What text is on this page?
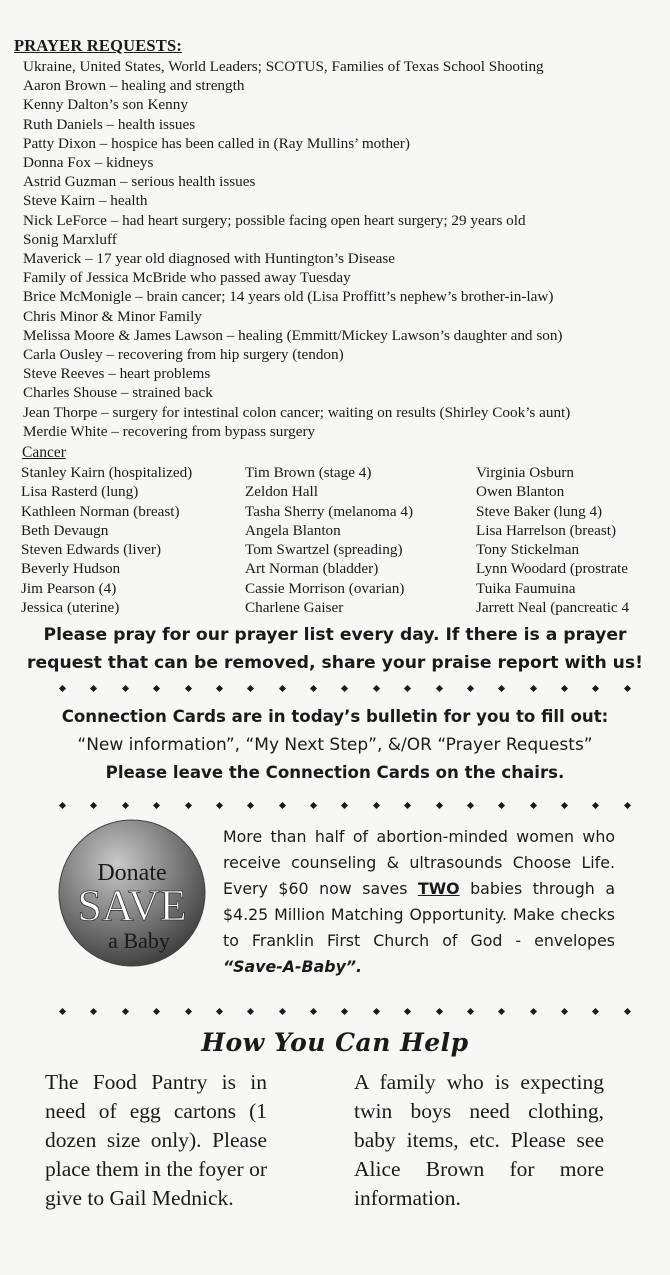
PRAYER REQUESTS:
Ukraine, United States, World Leaders; SCOTUS, Families of Texas School Shooting
Aaron Brown – healing and strength
Kenny Dalton’s son Kenny
Ruth Daniels – health issues
Patty Dixon – hospice has been called in (Ray Mullins’ mother)
Donna Fox – kidneys
Astrid Guzman – serious health issues
Steve Kairn – health
Nick LeForce – had heart surgery; possible facing open heart surgery; 29 years old
Sonig Marxluff
Maverick – 17 year old diagnosed with Huntington’s Disease
Family of Jessica McBride who passed away Tuesday
Brice McMonigle – brain cancer; 14 years old (Lisa Proffitt’s nephew’s brother-in-law)
Chris Minor & Minor Family
Melissa Moore & James Lawson – healing (Emmitt/Mickey Lawson’s daughter and son)
Carla Ousley – recovering from hip surgery (tendon)
Steve Reeves – heart problems
Charles Shouse – strained back
Jean Thorpe – surgery for intestinal colon cancer; waiting on results (Shirley Cook’s aunt)
Merdie White – recovering from bypass surgery
Cancer
Stanley Kairn (hospitalized)
Lisa Rasterd (lung)
Kathleen Norman (breast)
Beth Devaugn
Steven Edwards (liver)
Beverly Hudson
Jim Pearson (4)
Jessica (uterine)
Tim Brown (stage 4)
Zeldon Hall
Tasha Sherry (melanoma 4)
Angela Blanton
Tom Swartzel (spreading)
Art Norman (bladder)
Cassie Morrison (ovarian)
Charlene Gaiser
Virginia Osburn
Owen Blanton
Steve Baker (lung 4)
Lisa Harrelson (breast)
Tony Stickelman
Lynn Woodard (prostrate
Tuika Faumuina
Jarrett Neal (pancreatic 4
Please pray for our prayer list every day. If there is a prayer
request that can be removed, share your praise report with us!
Connection Cards are in today’s bulletin for you to fill out:
“New information”, “My Next Step”, &/OR “Prayer Requests”
Please leave the Connection Cards on the chairs.
Donate
SAVE
a Baby
More than half of abortion-minded women who receive counseling & ultrasounds Choose Life. Every $60 now saves TWO babies through a $4.25 Million Matching Opportunity. Make checks to Franklin First Church of God - envelopes “Save-A-Baby”.
How You Can Help
The Food Pantry is in need of egg cartons (1 dozen size only). Please place them in the foyer or give to Gail Mednick.
A family who is expecting twin boys need clothing, baby items, etc. Please see Alice Brown for more information.
